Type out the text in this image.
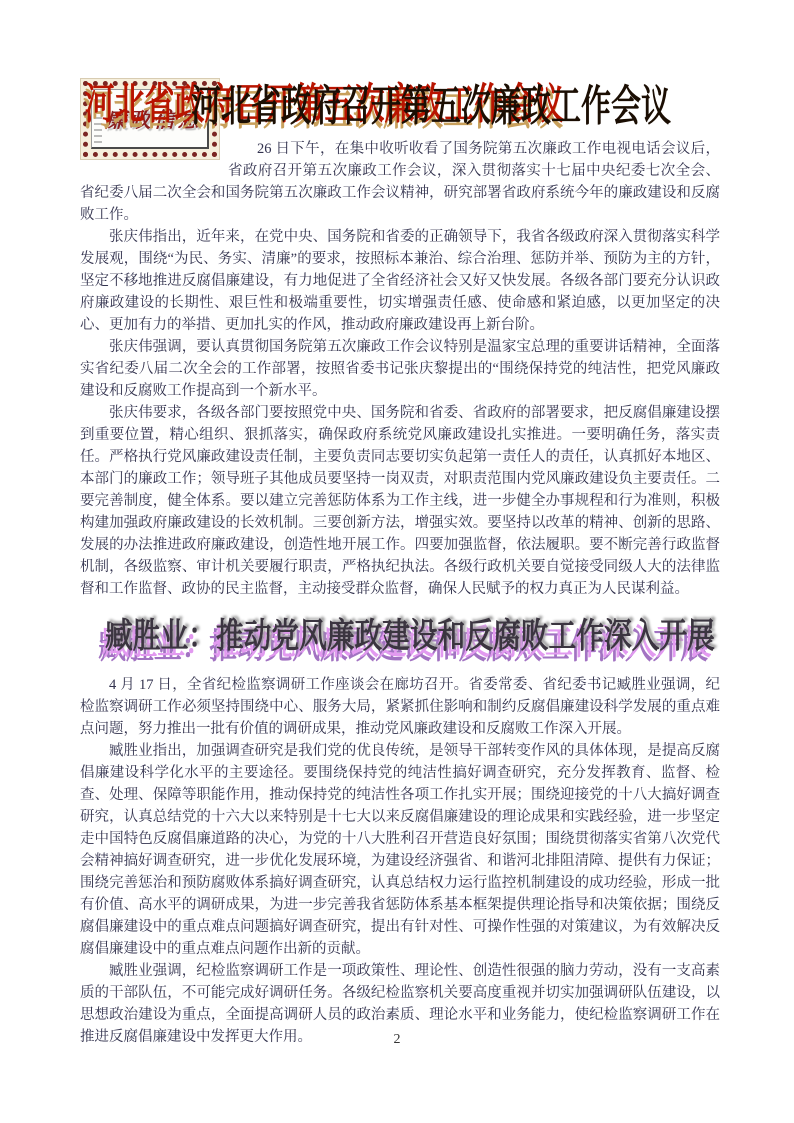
廉政信息
河北省政府召开第五次廉政工作会议 河北省政府召开第五次廉政工作会议 河北省政府召开第五次廉政工作会议

26 日下午，在集中收听收看了国务院第五次廉政工作电视电话会议后，省政府召开第五次廉政工作会议，深入贯彻落实十七届中央纪委七次全会、省纪委八届二次全会和国务院第五次廉政工作会议精神，研究部署省政府系统今年的廉政建设和反腐败工作。

张庆伟指出，近年来，在党中央、国务院和省委的正确领导下，我省各级政府深入贯彻落实科学发展观，围绕“为民、务实、清廉”的要求，按照标本兼治、综合治理、惩防并举、预防为主的方针，坚定不移地推进反腐倡廉建设，有力地促进了全省经济社会又好又快发展。各级各部门要充分认识政府廉政建设的长期性、艰巨性和极端重要性，切实增强责任感、使命感和紧迫感，以更加坚定的决心、更加有力的举措、更加扎实的作风，推动政府廉政建设再上新台阶。

张庆伟强调，要认真贯彻国务院第五次廉政工作会议特别是温家宝总理的重要讲话精神，全面落实省纪委八届二次全会的工作部署，按照省委书记张庆黎提出的“围绕保持党的纯洁性，把党风廉政建设和反腐败工作提高到一个新水平。

张庆伟要求，各级各部门要按照党中央、国务院和省委、省政府的部署要求，把反腐倡廉建设摆到重要位置，精心组织、狠抓落实，确保政府系统党风廉政建设扎实推进。一要明确任务，落实责任。严格执行党风廉政建设责任制，主要负责同志要切实负起第一责任人的责任，认真抓好本地区、本部门的廉政工作；领导班子其他成员要坚持一岗双责，对职责范围内党风廉政建设负主要责任。二要完善制度，健全体系。要以建立完善惩防体系为工作主线，进一步健全办事规程和行为准则，积极构建加强政府廉政建设的长效机制。三要创新方法，增强实效。要坚持以改革的精神、创新的思路、发展的办法推进政府廉政建设，创造性地开展工作。四要加强监督，依法履职。要不断完善行政监督机制，各级监察、审计机关要履行职责，严格执纪执法。各级行政机关要自觉接受同级人大的法律监督和工作监督、政协的民主监督，主动接受群众监督，确保人民赋予的权力真正为人民谋利益。

臧胜业：推动党风廉政建设和反腐败工作深入开展 臧胜业：推动党风廉政建设和反腐败工作深入开展 臧胜业：推动党风廉政建设和反腐败工作深入开展

4 月 17 日，全省纪检监察调研工作座谈会在廊坊召开。省委常委、省纪委书记臧胜业强调，纪检监察调研工作必须坚持围绕中心、服务大局，紧紧抓住影响和制约反腐倡廉建设科学发展的重点难点问题，努力推出一批有价值的调研成果，推动党风廉政建设和反腐败工作深入开展。

臧胜业指出，加强调查研究是我们党的优良传统，是领导干部转变作风的具体体现，是提高反腐倡廉建设科学化水平的主要途径。要围绕保持党的纯洁性搞好调查研究，充分发挥教育、监督、检查、处理、保障等职能作用，推动保持党的纯洁性各项工作扎实开展；围绕迎接党的十八大搞好调查研究，认真总结党的十六大以来特别是十七大以来反腐倡廉建设的理论成果和实践经验，进一步坚定走中国特色反腐倡廉道路的决心，为党的十八大胜利召开营造良好氛围；围绕贯彻落实省第八次党代会精神搞好调查研究，进一步优化发展环境，为建设经济强省、和谐河北排阻清障、提供有力保证；围绕完善惩治和预防腐败体系搞好调查研究，认真总结权力运行监控机制建设的成功经验，形成一批有价值、高水平的调研成果，为进一步完善我省惩防体系基本框架提供理论指导和决策依据；围绕反腐倡廉建设中的重点难点问题搞好调查研究，提出有针对性、可操作性强的对策建议，为有效解决反腐倡廉建设中的重点难点问题作出新的贡献。

臧胜业强调，纪检监察调研工作是一项政策性、理论性、创造性很强的脑力劳动，没有一支高素质的干部队伍，不可能完成好调研任务。各级纪检监察机关要高度重视并切实加强调研队伍建设，以思想政治建设为重点，全面提高调研人员的政治素质、理论水平和业务能力，使纪检监察调研工作在推进反腐倡廉建设中发挥更大作用。	2
